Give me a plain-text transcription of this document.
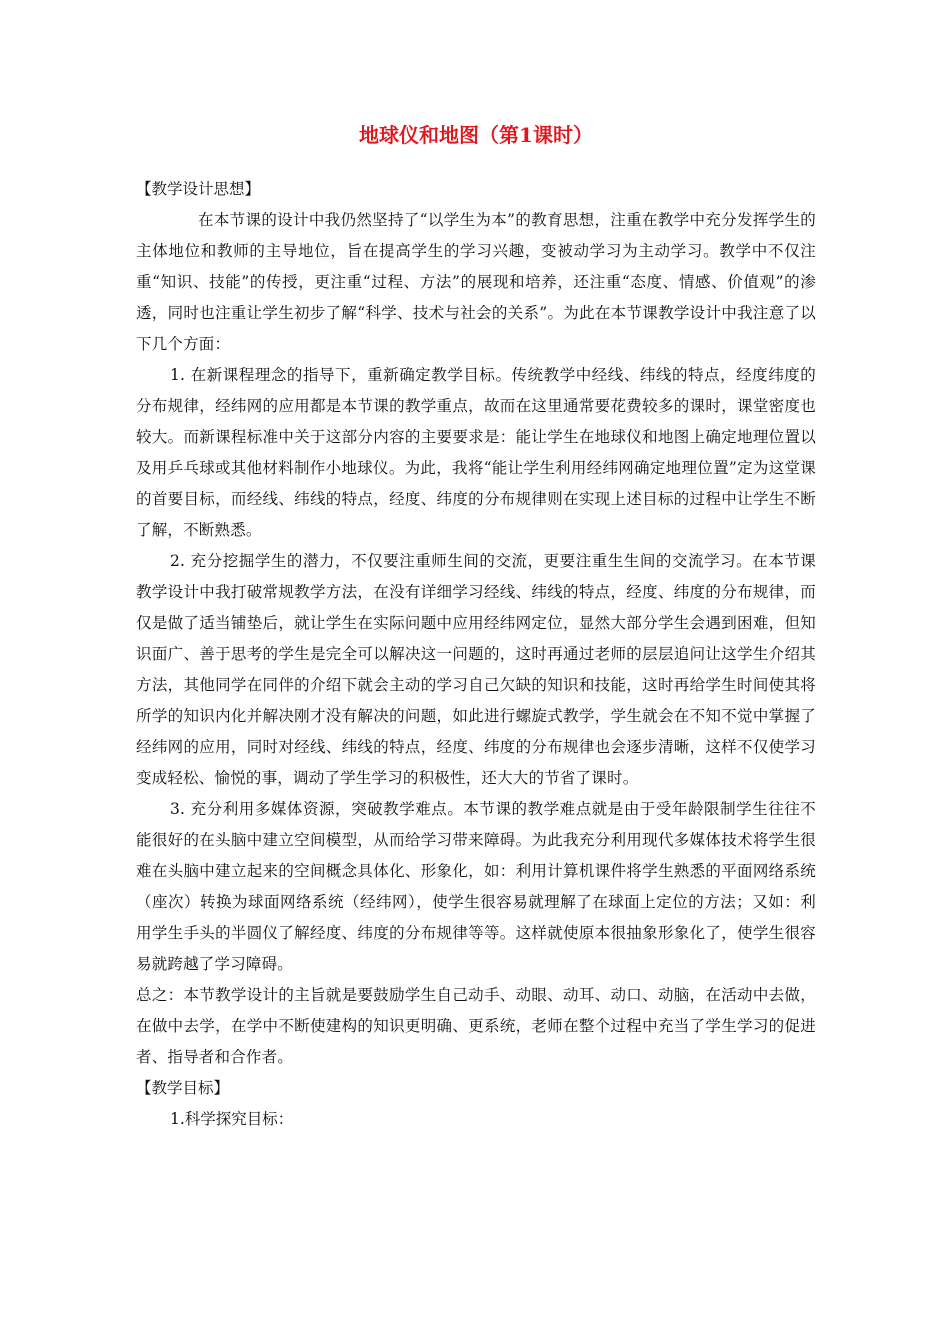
地球仪和地图（第1课时）

【教学设计思想】

在本节课的设计中我仍然坚持了“以学生为本”的教育思想，注重在教学中充分发挥学生的主体地位和教师的主导地位，旨在提高学生的学习兴趣，变被动学习为主动学习。教学中不仅注重“知识、技能”的传授，更注重“过程、方法”的展现和培养，还注重“态度、情感、价值观”的渗透，同时也注重让学生初步了解“科学、技术与社会的关系”。为此在本节课教学设计中我注意了以下几个方面：

1. 在新课程理念的指导下，重新确定教学目标。传统教学中经线、纬线的特点，经度纬度的分布规律，经纬网的应用都是本节课的教学重点，故而在这里通常要花费较多的课时，课堂密度也较大。而新课程标准中关于这部分内容的主要要求是：能让学生在地球仪和地图上确定地理位置以及用乒乓球或其他材料制作小地球仪。为此，我将“能让学生利用经纬网确定地理位置”定为这堂课的首要目标，而经线、纬线的特点，经度、纬度的分布规律则在实现上述目标的过程中让学生不断了解，不断熟悉。

2. 充分挖掘学生的潜力，不仅要注重师生间的交流，更要注重生生间的交流学习。在本节课教学设计中我打破常规教学方法，在没有详细学习经线、纬线的特点，经度、纬度的分布规律，而仅是做了适当铺垫后，就让学生在实际问题中应用经纬网定位，显然大部分学生会遇到困难，但知识面广、善于思考的学生是完全可以解决这一问题的，这时再通过老师的层层追问让这学生介绍其方法，其他同学在同伴的介绍下就会主动的学习自己欠缺的知识和技能，这时再给学生时间使其将所学的知识内化并解决刚才没有解决的问题，如此进行螺旋式教学，学生就会在不知不觉中掌握了经纬网的应用，同时对经线、纬线的特点，经度、纬度的分布规律也会逐步清晰，这样不仅使学习变成轻松、愉悦的事，调动了学生学习的积极性，还大大的节省了课时。

3. 充分利用多媒体资源，突破教学难点。本节课的教学难点就是由于受年龄限制学生往往不能很好的在头脑中建立空间模型，从而给学习带来障碍。为此我充分利用现代多媒体技术将学生很难在头脑中建立起来的空间概念具体化、形象化，如：利用计算机课件将学生熟悉的平面网络系统（座次）转换为球面网络系统（经纬网），使学生很容易就理解了在球面上定位的方法；又如：利用学生手头的半圆仪了解经度、纬度的分布规律等等。这样就使原本很抽象形象化了，使学生很容易就跨越了学习障碍。

总之：本节教学设计的主旨就是要鼓励学生自己动手、动眼、动耳、动口、动脑，在活动中去做，在做中去学，在学中不断使建构的知识更明确、更系统，老师在整个过程中充当了学生学习的促进者、指导者和合作者。

【教学目标】

1.科学探究目标：
